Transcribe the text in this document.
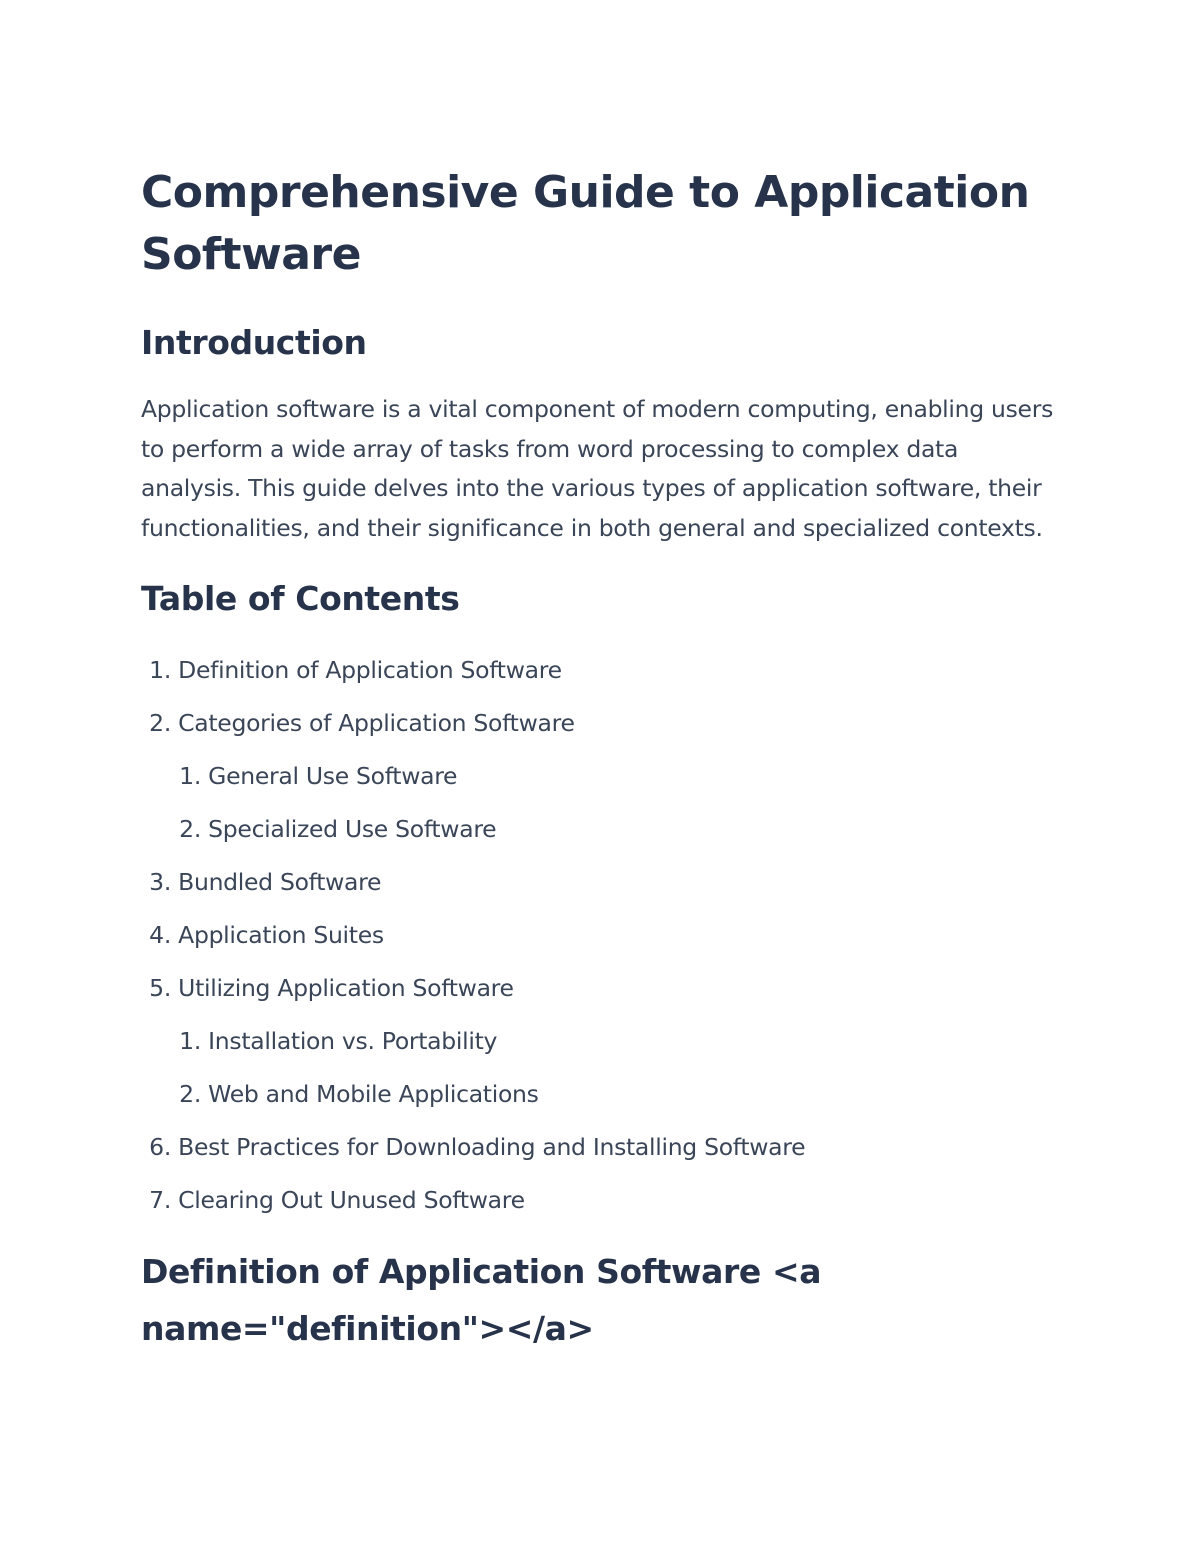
Comprehensive Guide to Application Software
Introduction

Application software is a vital component of modern computing, enabling users to perform a wide array of tasks from word processing to complex data analysis. This guide delves into the various types of application software, their functionalities, and their significance in both general and specialized contexts.

Table of Contents
1. Definition of Application Software
2. Categories of Application Software
1. General Use Software
2. Specialized Use Software
3. Bundled Software
4. Application Suites
5. Utilizing Application Software
1. Installation vs. Portability
2. Web and Mobile Applications
6. Best Practices for Downloading and Installing Software
7. Clearing Out Unused Software
Definition of Application Software <a name="definition"></a>
